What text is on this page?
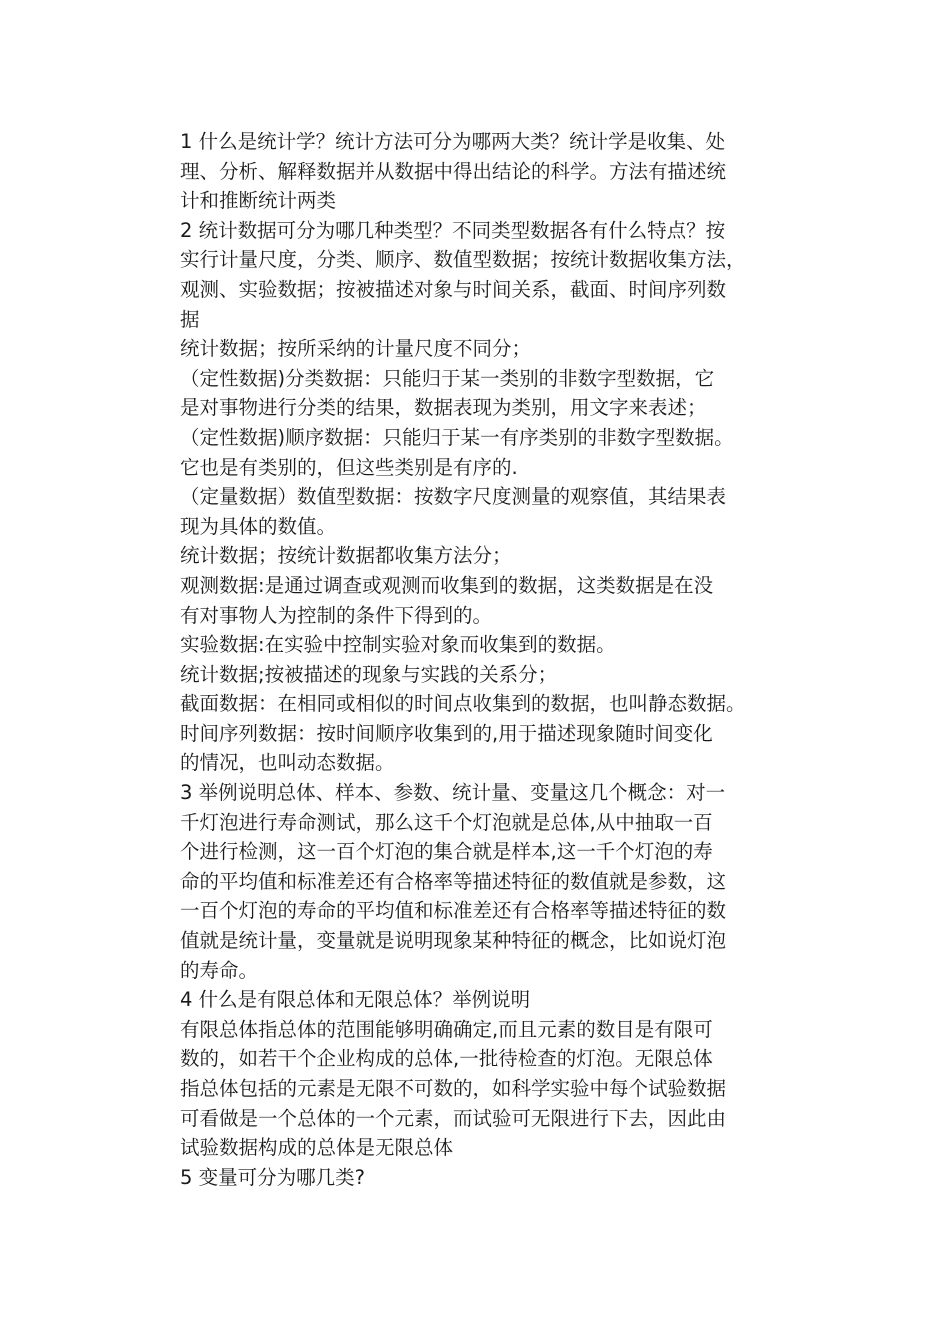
1 什么是统计学？统计方法可分为哪两大类？统计学是收集、处
理、分析、解释数据并从数据中得出结论的科学。方法有描述统
计和推断统计两类
2 统计数据可分为哪几种类型？不同类型数据各有什么特点？按
实行计量尺度，分类、顺序、数值型数据；按统计数据收集方法，
观测、实验数据；按被描述对象与时间关系，截面、时间序列数
据
统计数据；按所采纳的计量尺度不同分；
（定性数据)分类数据：只能归于某一类别的非数字型数据，它
是对事物进行分类的结果，数据表现为类别，用文字来表述；
（定性数据)顺序数据：只能归于某一有序类别的非数字型数据。
它也是有类别的，但这些类别是有序的.
（定量数据）数值型数据：按数字尺度测量的观察值，其结果表
现为具体的数值。
统计数据；按统计数据都收集方法分；
观测数据:是通过调查或观测而收集到的数据，这类数据是在没
有对事物人为控制的条件下得到的。
实验数据:在实验中控制实验对象而收集到的数据。
统计数据;按被描述的现象与实践的关系分；
截面数据：在相同或相似的时间点收集到的数据，也叫静态数据。
时间序列数据：按时间顺序收集到的,用于描述现象随时间变化
的情况，也叫动态数据。
3 举例说明总体、样本、参数、统计量、变量这几个概念：对一
千灯泡进行寿命测试，那么这千个灯泡就是总体,从中抽取一百
个进行检测，这一百个灯泡的集合就是样本,这一千个灯泡的寿
命的平均值和标准差还有合格率等描述特征的数值就是参数，这
一百个灯泡的寿命的平均值和标准差还有合格率等描述特征的数
值就是统计量，变量就是说明现象某种特征的概念，比如说灯泡
的寿命。
4 什么是有限总体和无限总体？举例说明
有限总体指总体的范围能够明确确定,而且元素的数目是有限可
数的，如若干个企业构成的总体,一批待检查的灯泡。无限总体
指总体包括的元素是无限不可数的，如科学实验中每个试验数据
可看做是一个总体的一个元素，而试验可无限进行下去，因此由
试验数据构成的总体是无限总体
5 变量可分为哪几类?
